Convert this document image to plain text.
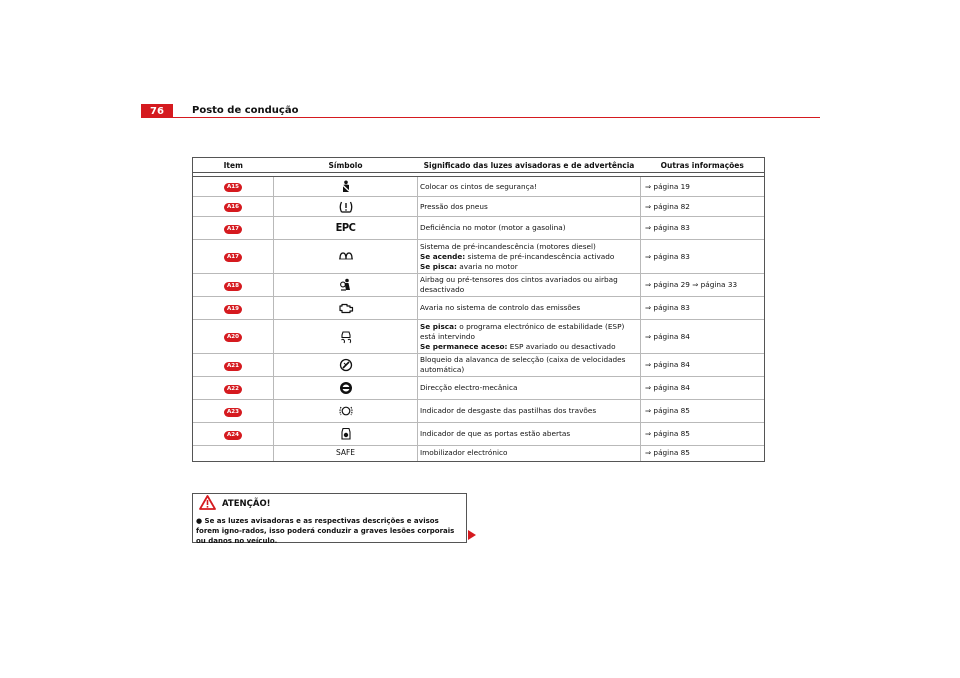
76	Posto de condução
Item	Símbolo	Significado das luzes avisadoras e de advertência	Outras informações

A15		Colocar os cintos de segurança!	⇒ página 19
A16		Pressão dos pneus	⇒ página 82
A17	EPC	Deficiência no motor (motor a gasolina)	⇒ página 83
A17		Sistema de pré-incandescência (motores diesel)
Se acende: sistema de pré-incandescência activado
Se pisca: avaria no motor	⇒ página 83
A18		Airbag ou pré-tensores dos cintos avariados ou airbag desactivado	⇒ página 29 ⇒ página 33
A19		Avaria no sistema de controlo das emissões	⇒ página 83
A20		Se pisca: o programa electrónico de estabilidade (ESP) está intervindo
Se permanece aceso: ESP avariado ou desactivado	⇒ página 84
A21		Bloqueio da alavanca de selecção (caixa de velocidades automática)	⇒ página 84
A22		Direcção electro-mecânica	⇒ página 84
A23		Indicador de desgaste das pastilhas dos travões	⇒ página 85
A24		Indicador de que as portas estão abertas	⇒ página 85
	SAFE	Imobilizador electrónico	⇒ página 85
ATENÇÃO!
● Se as luzes avisadoras e as respectivas descrições e avisos forem igno-rados, isso poderá conduzir a graves lesões corporais ou danos no veículo.
